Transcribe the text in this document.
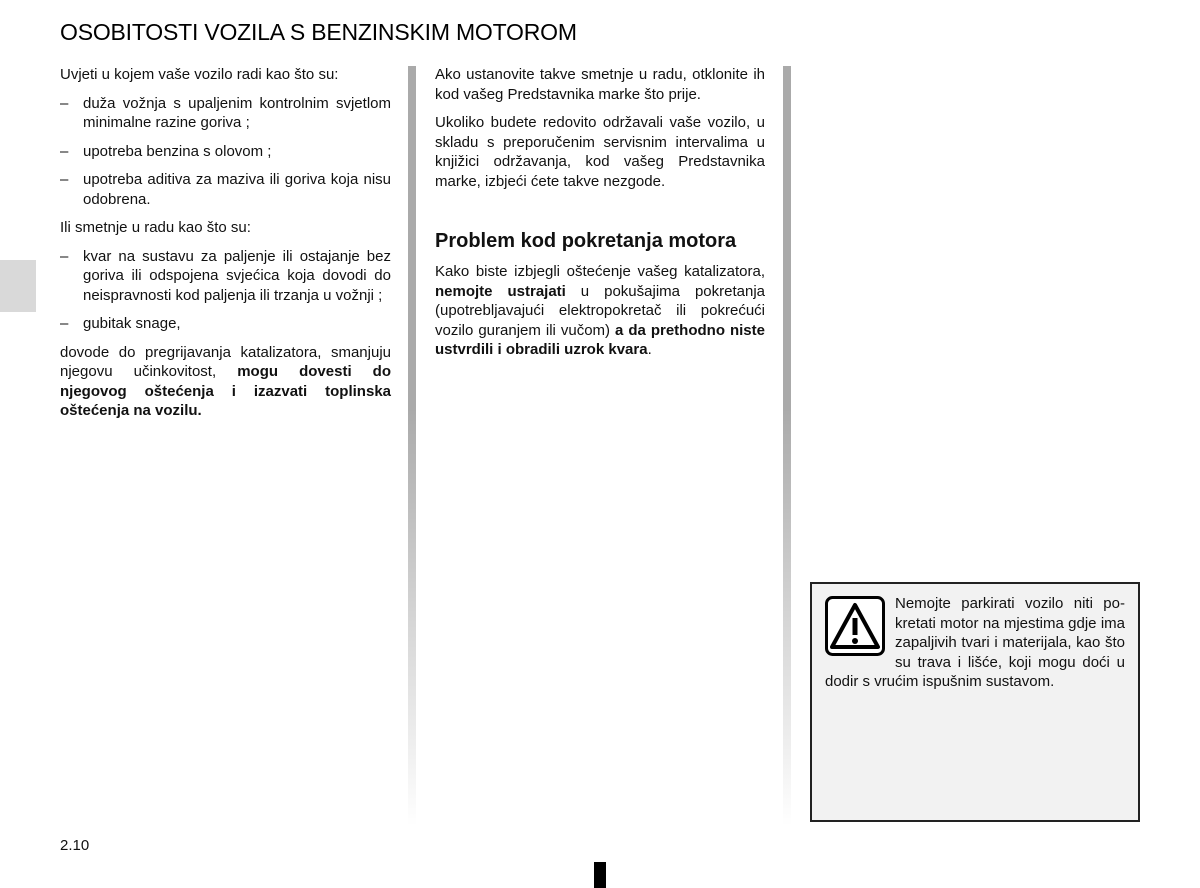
OSOBITOSTI VOZILA S BENZINSKIM MOTOROM

Uvjeti u kojem vaše vozilo radi kao što su:

– duža vožnja s upaljenim kontrolnim svjetlom minimalne razine goriva ;
– upotreba benzina s olovom ;
– upotreba aditiva za maziva ili goriva koja nisu odobrena.

Ili smetnje u radu kao što su:

– kvar na sustavu za paljenje ili ostajanje bez goriva ili odspojena svjećica koja dovodi do neispravnosti kod paljenja ili trzanja u vožnji ;
– gubitak snage,

dovode do pregrijavanja katalizatora, smanjuju njegovu učinkovitost, mogu dovesti do njegovog oštećenja i izazvati toplinska oštećenja na vozilu.

Ako ustanovite takve smetnje u radu, otklonite ih kod vašeg Predstavnika marke što prije.

Ukoliko budete redovito održavali vaše vozilo, u skladu s preporučenim servisnim intervalima u knjižici održavanja, kod vašeg Predstavnika marke, izbjeći ćete takve nezgode.

Problem kod pokretanja motora

Kako biste izbjegli oštećenje vašeg katalizatora, nemojte ustrajati u pokušajima pokretanja (upotrebljavajući elektropokretač ili pokrećući vozilo guranjem ili vučom) a da prethodno niste ustvrdili i obradili uzrok kvara.

Nemojte parkirati vozilo niti pokretati motor na mjestima gdje ima zapaljivih tvari i materijala, kao što su trava i lišće, koji mogu doći u dodir s vrućim ispušnim sustavom.
2.10
